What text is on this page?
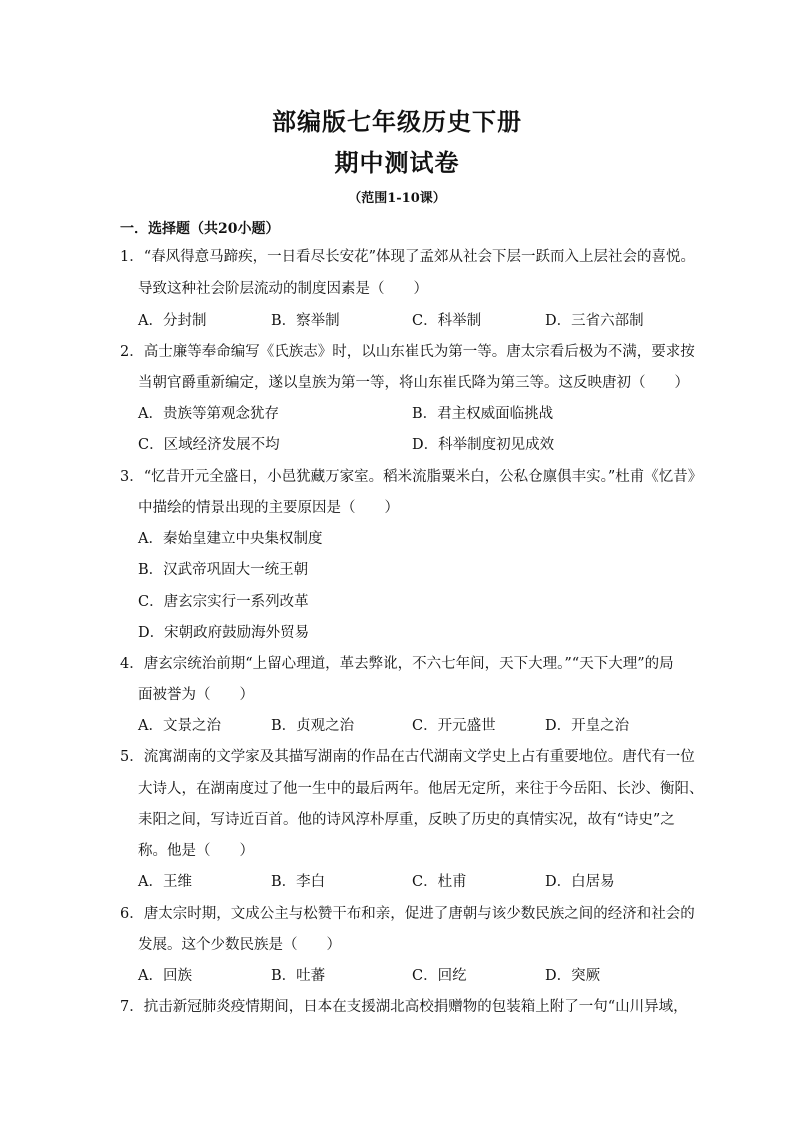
部编版七年级历史下册
期中测试卷
（范围1-10课）
一．选择题（共20小题）
1．“春风得意马蹄疾，一日看尽长安花”体现了孟郊从社会下层一跃而入上层社会的喜悦。
导致这种社会阶层流动的制度因素是（　　）
A．分封制	B．察举制	C．科举制	D．三省六部制
2．高士廉等奉命编写《氏族志》时，以山东崔氏为第一等。唐太宗看后极为不满，要求按
当朝官爵重新编定，遂以皇族为第一等，将山东崔氏降为第三等。这反映唐初（　　）
A．贵族等第观念犹存	B．君主权威面临挑战
C．区域经济发展不均	D．科举制度初见成效
3．“忆昔开元全盛日，小邑犹藏万家室。稻米流脂粟米白，公私仓廪俱丰实。”杜甫《忆昔》
中描绘的情景出现的主要原因是（　　）
A．秦始皇建立中央集权制度
B．汉武帝巩固大一统王朝
C．唐玄宗实行一系列改革
D．宋朝政府鼓励海外贸易
4．唐玄宗统治前期“上留心理道，革去弊讹，不六七年间，天下大理。”“天下大理”的局
面被誉为（　　）
A．文景之治	B．贞观之治	C．开元盛世	D．开皇之治
5．流寓湖南的文学家及其描写湖南的作品在古代湖南文学史上占有重要地位。唐代有一位
大诗人，在湖南度过了他一生中的最后两年。他居无定所，来往于今岳阳、长沙、衡阳、
耒阳之间，写诗近百首。他的诗风淳朴厚重，反映了历史的真情实况，故有“诗史”之
称。他是（　　）
A．王维	B．李白	C．杜甫	D．白居易
6．唐太宗时期，文成公主与松赞干布和亲，促进了唐朝与该少数民族之间的经济和社会的
发展。这个少数民族是（　　）
A．回族	B．吐蕃	C．回纥	D．突厥
7．抗击新冠肺炎疫情期间，日本在支援湖北高校捐赠物的包装箱上附了一句“山川异域，
